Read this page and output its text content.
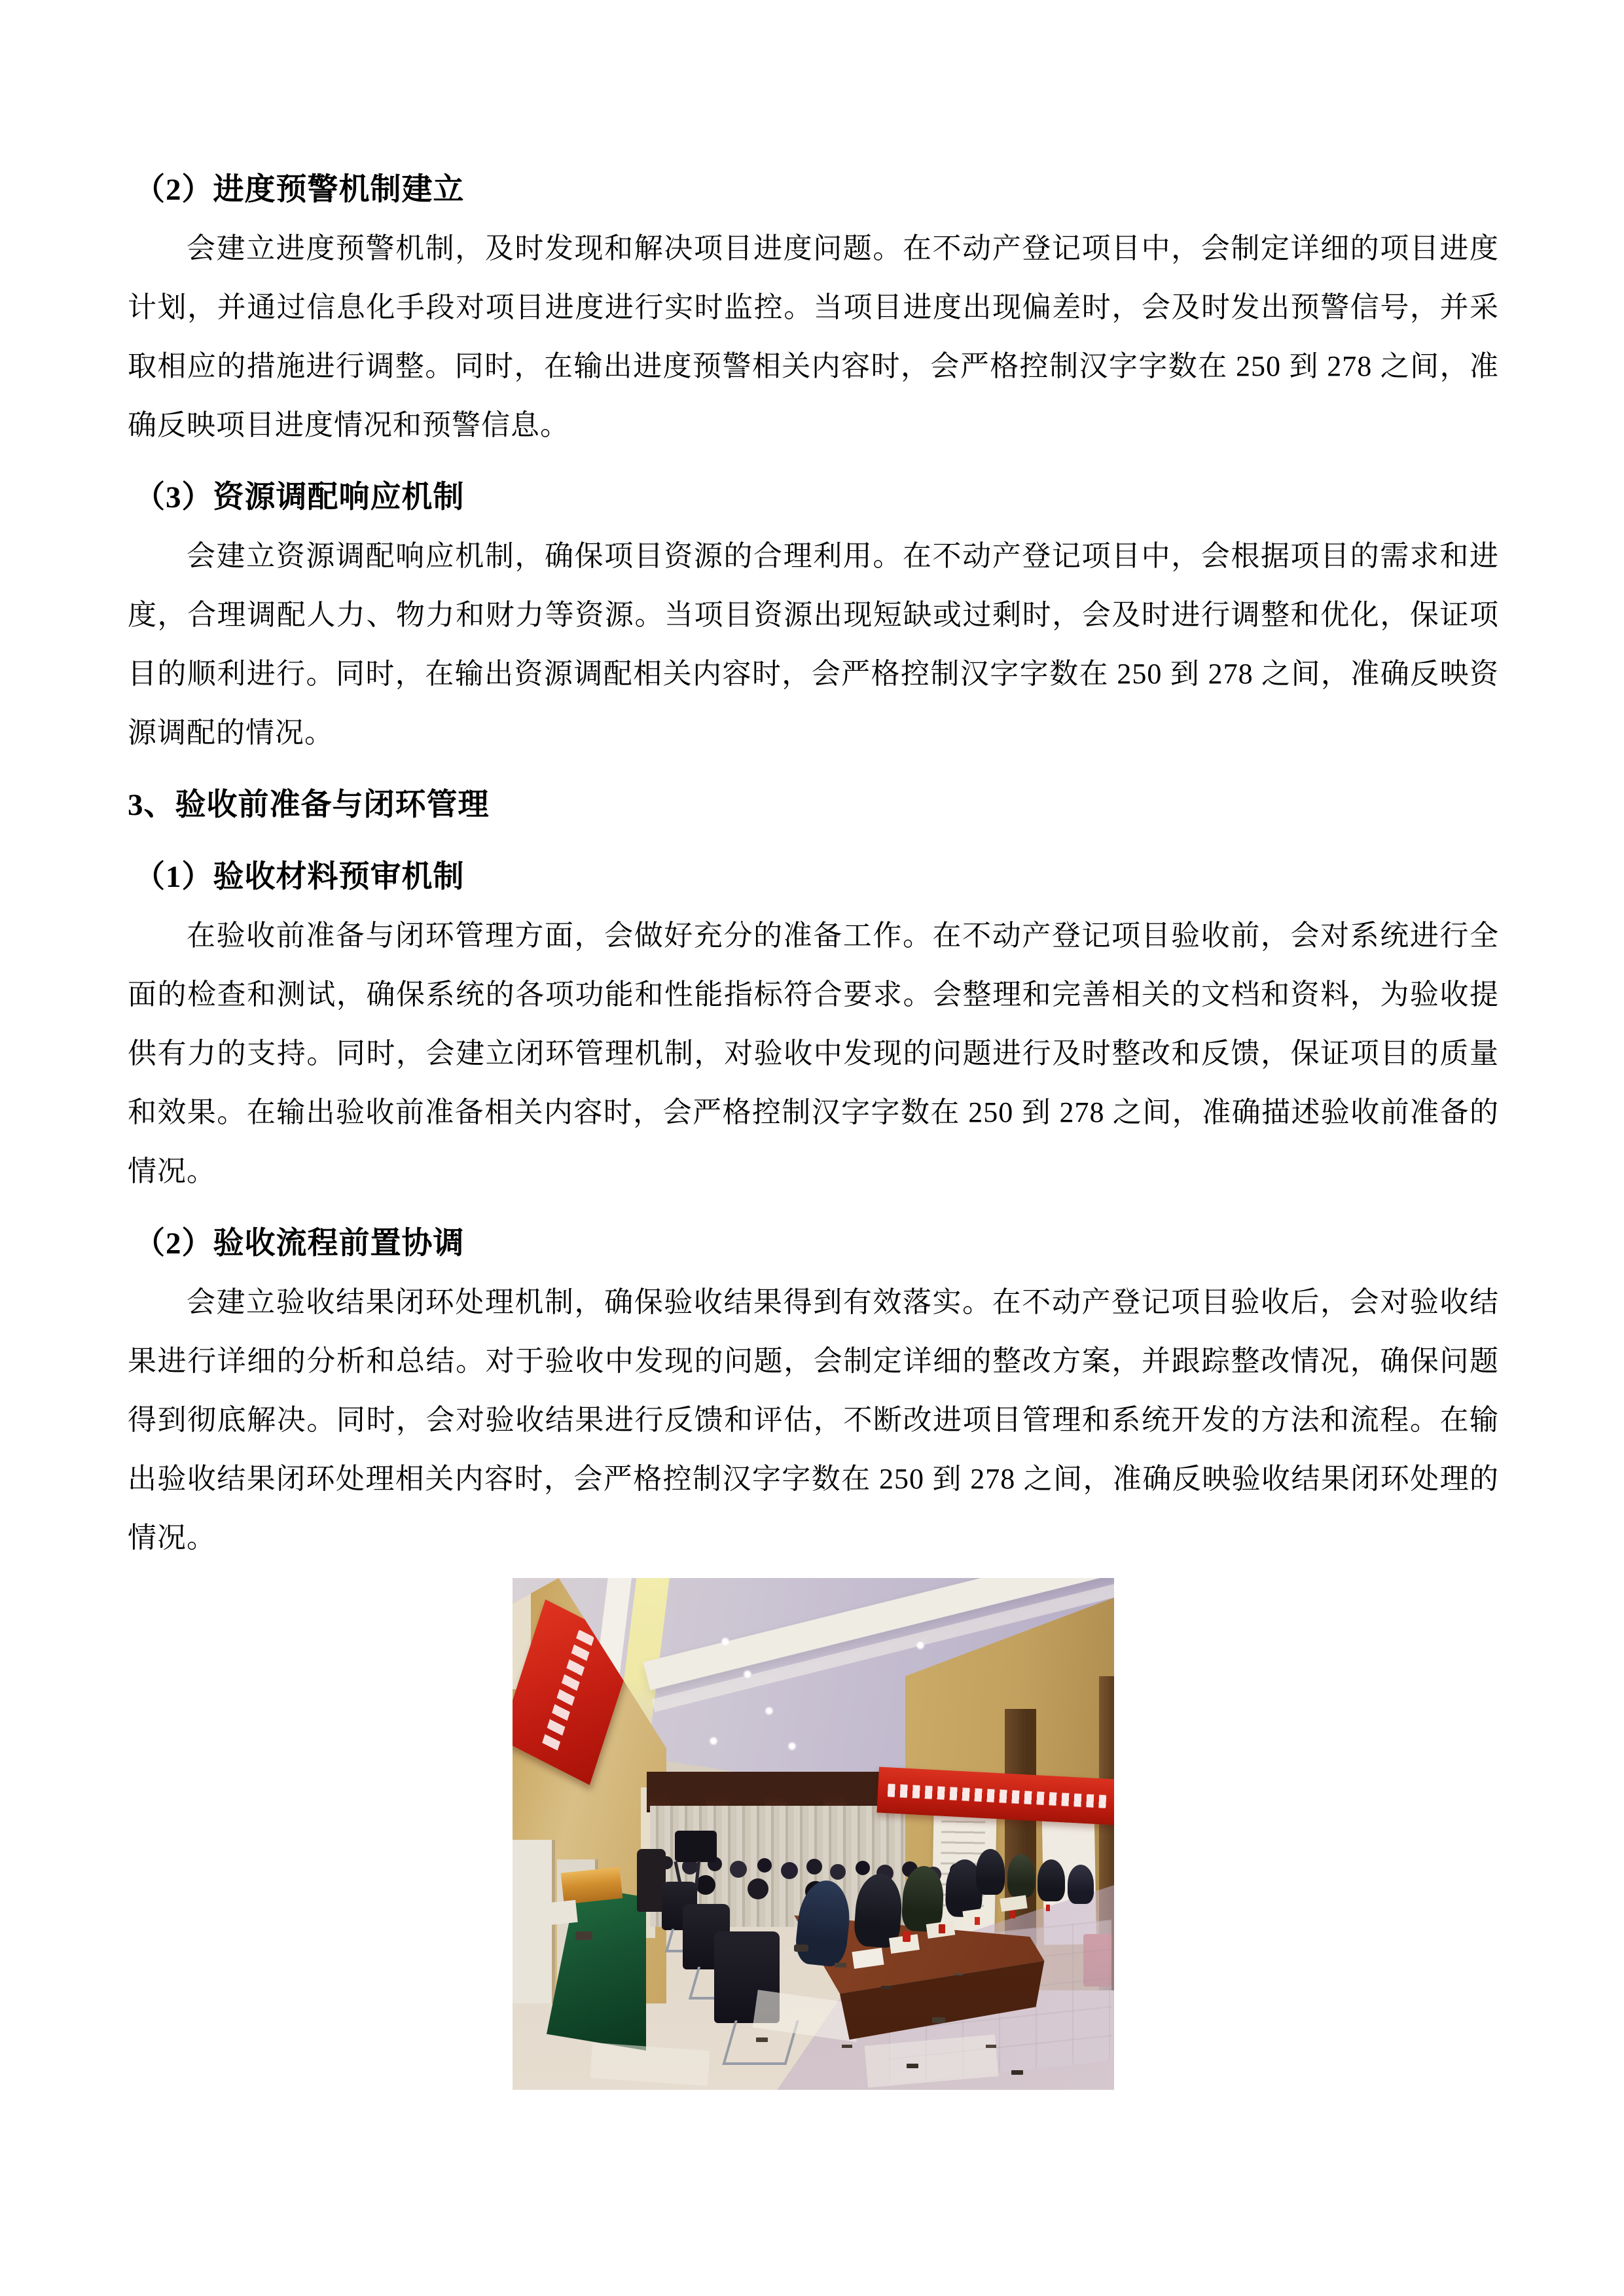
（2）进度预警机制建立

会建立进度预警机制，及时发现和解决项目进度问题。在不动产登记项目中，会制定详细的项目进度计划，并通过信息化手段对项目进度进行实时监控。当项目进度出现偏差时，会及时发出预警信号，并采取相应的措施进行调整。同时，在输出进度预警相关内容时，会严格控制汉字字数在 250 到 278 之间，准确反映项目进度情况和预警信息。

（3）资源调配响应机制

会建立资源调配响应机制，确保项目资源的合理利用。在不动产登记项目中，会根据项目的需求和进度，合理调配人力、物力和财力等资源。当项目资源出现短缺或过剩时，会及时进行调整和优化，保证项目的顺利进行。同时，在输出资源调配相关内容时，会严格控制汉字字数在 250 到 278 之间，准确反映资源调配的情况。

3、验收前准备与闭环管理
（1）验收材料预审机制

在验收前准备与闭环管理方面，会做好充分的准备工作。在不动产登记项目验收前，会对系统进行全面的检查和测试，确保系统的各项功能和性能指标符合要求。会整理和完善相关的文档和资料，为验收提供有力的支持。同时，会建立闭环管理机制，对验收中发现的问题进行及时整改和反馈，保证项目的质量和效果。在输出验收前准备相关内容时，会严格控制汉字字数在 250 到 278 之间，准确描述验收前准备的情况。

（2）验收流程前置协调

会建立验收结果闭环处理机制，确保验收结果得到有效落实。在不动产登记项目验收后，会对验收结果进行详细的分析和总结。对于验收中发现的问题，会制定详细的整改方案，并跟踪整改情况，确保问题得到彻底解决。同时，会对验收结果进行反馈和评估，不断改进项目管理和系统开发的方法和流程。在输出验收结果闭环处理相关内容时，会严格控制汉字字数在 250 到 278 之间，准确反映验收结果闭环处理的情况。
